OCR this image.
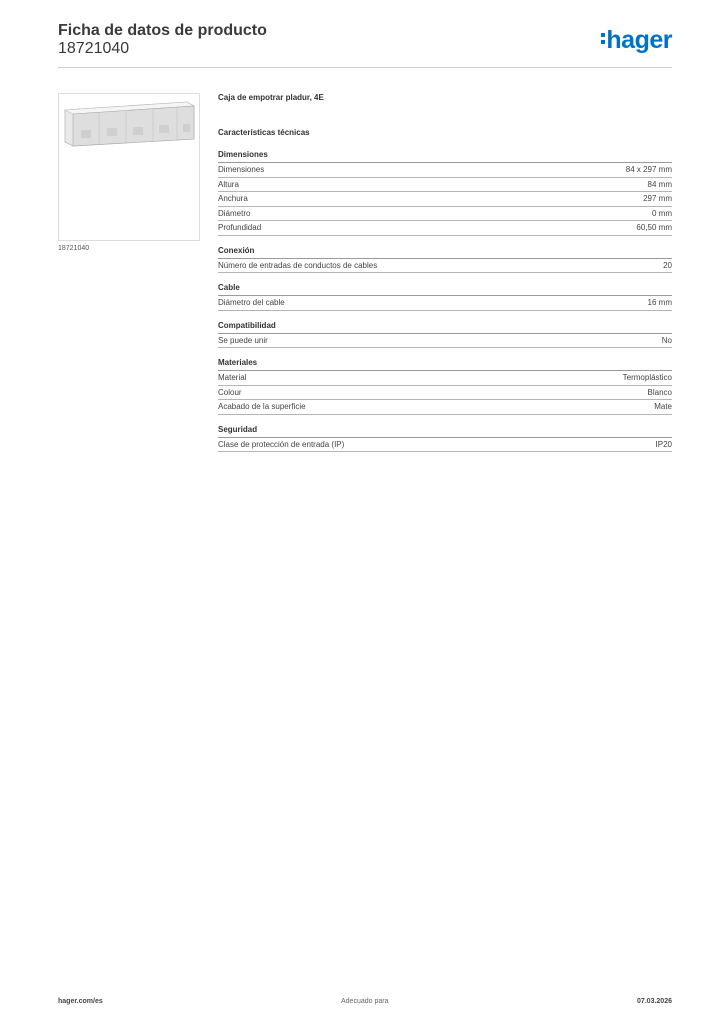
Ficha de datos de producto
18721040	hager
18721040
Caja de empotrar pladur, 4E
Características técnicas
Dimensiones
Dimensiones	84 x 297 mm
Altura	84 mm
Anchura	297 mm
Diámetro	0 mm
Profundidad	60,50 mm
Conexión
Número de entradas de conductos de cables	20
Cable
Diámetro del cable	16 mm
Compatibilidad
Se puede unir	No
Materiales
Material	Termoplástico
Colour	Blanco
Acabado de la superficie	Mate
Seguridad
Clase de protección de entrada (IP)	IP20
hager.com/es	Adecuado para	07.03.2026
